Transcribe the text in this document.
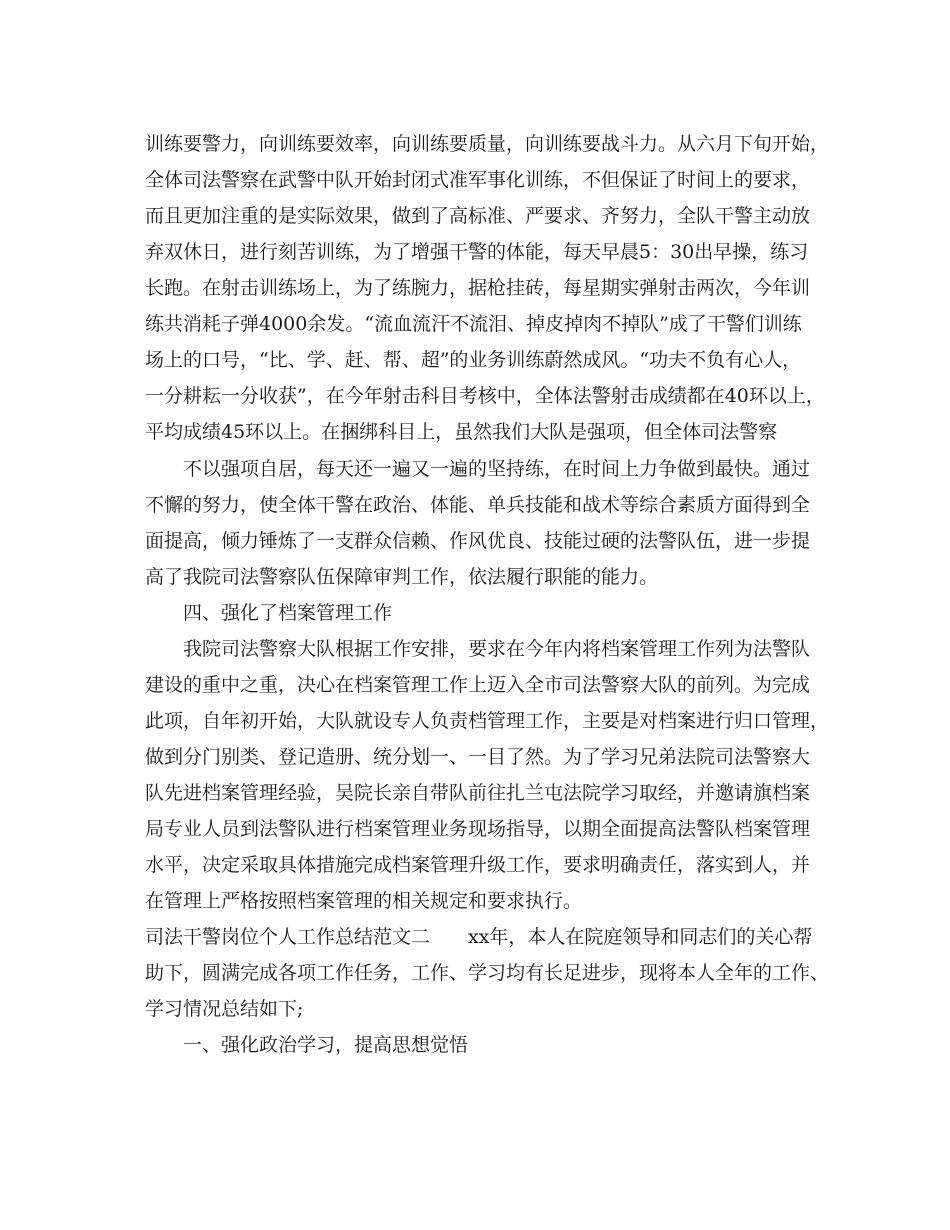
训练要警力，向训练要效率，向训练要质量，向训练要战斗力。从六月下旬开始，
全体司法警察在武警中队开始封闭式准军事化训练，不但保证了时间上的要求，
而且更加注重的是实际效果，做到了高标准、严要求、齐努力，全队干警主动放
弃双休日，进行刻苦训练，为了增强干警的体能，每天早晨5：30出早操，练习
长跑。在射击训练场上，为了练腕力，据枪挂砖，每星期实弹射击两次，今年训
练共消耗子弹4000余发。“流血流汗不流泪、掉皮掉肉不掉队”成了干警们训练
场上的口号，“比、学、赶、帮、超”的业务训练蔚然成风。“功夫不负有心人，
一分耕耘一分收获”，在今年射击科目考核中，全体法警射击成绩都在40环以上，
平均成绩45环以上。在捆绑科目上，虽然我们大队是强项，但全体司法警察
不以强项自居，每天还一遍又一遍的坚持练，在时间上力争做到最快。通过
不懈的努力，使全体干警在政治、体能、单兵技能和战术等综合素质方面得到全
面提高，倾力锤炼了一支群众信赖、作风优良、技能过硬的法警队伍，进一步提
高了我院司法警察队伍保障审判工作，依法履行职能的能力。
四、强化了档案管理工作
我院司法警察大队根据工作安排，要求在今年内将档案管理工作列为法警队
建设的重中之重，决心在档案管理工作上迈入全市司法警察大队的前列。为完成
此项，自年初开始，大队就设专人负责档管理工作，主要是对档案进行归口管理，
做到分门别类、登记造册、统分划一、一目了然。为了学习兄弟法院司法警察大
队先进档案管理经验，吴院长亲自带队前往扎兰屯法院学习取经，并邀请旗档案
局专业人员到法警队进行档案管理业务现场指导，以期全面提高法警队档案管理
水平，决定采取具体措施完成档案管理升级工作，要求明确责任，落实到人，并
在管理上严格按照档案管理的相关规定和要求执行。
司法干警岗位个人工作总结范文二　　xx年，本人在院庭领导和同志们的关心帮
助下，圆满完成各项工作任务，工作、学习均有长足进步，现将本人全年的工作、
学习情况总结如下;
一、强化政治学习，提高思想觉悟
